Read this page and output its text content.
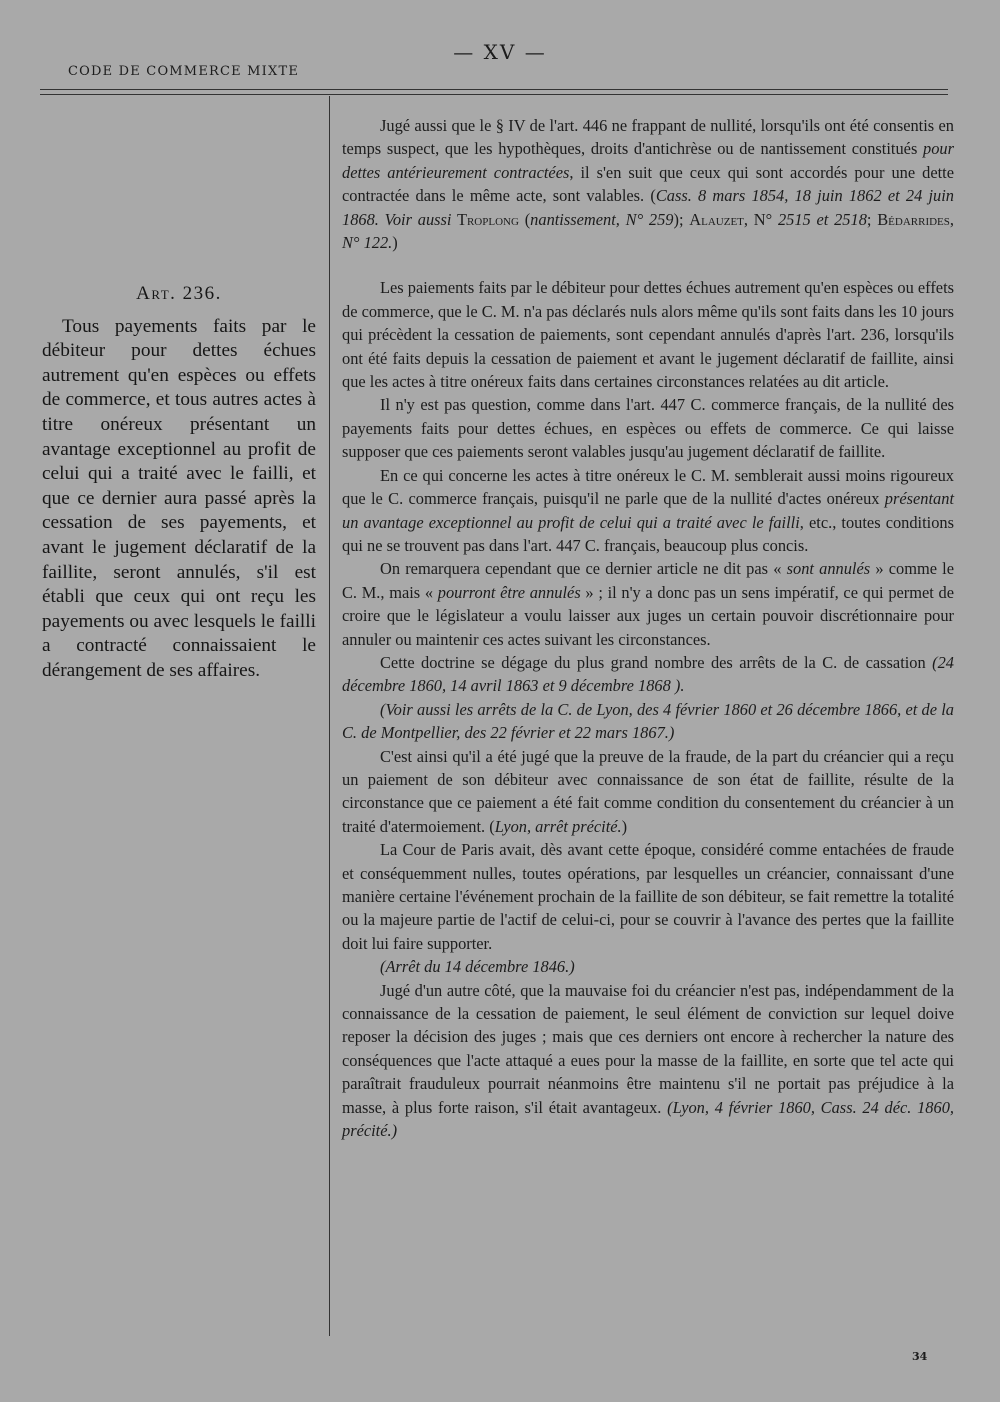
— XV —
CODE DE COMMERCE MIXTE
Art. 236.

Tous payements faits par le débiteur pour dettes échues autrement qu'en espèces ou effets de commerce, et tous autres actes à titre onéreux présentant un avantage exceptionnel au profit de celui qui a traité avec le failli, et que ce dernier aura passé après la cessation de ses payements, et avant le jugement déclaratif de la faillite, seront annulés, s'il est établi que ceux qui ont reçu les payements ou avec lesquels le failli a contracté connaissaient le dérangement de ses affaires.

Jugé aussi que le § IV de l'art. 446 ne frappant de nullité, lorsqu'ils ont été consentis en temps suspect, que les hypothèques, droits d'antichrèse ou de nantissement constitués pour dettes antérieurement contractées, il s'en suit que ceux qui sont accordés pour une dette contractée dans le même acte, sont valables. (Cass. 8 mars 1854, 18 juin 1862 et 24 juin 1868. Voir aussi Troplong (nantissement, N° 259); Alauzet, N° 2515 et 2518; Bédarrides, N° 122.)

Les paiements faits par le débiteur pour dettes échues autrement qu'en espèces ou effets de commerce, que le C. M. n'a pas déclarés nuls alors même qu'ils sont faits dans les 10 jours qui précèdent la cessation de paiements, sont cependant annulés d'après l'art. 236, lorsqu'ils ont été faits depuis la cessation de paiement et avant le jugement déclaratif de faillite, ainsi que les actes à titre onéreux faits dans certaines circonstances relatées au dit article.

Il n'y est pas question, comme dans l'art. 447 C. commerce français, de la nullité des payements faits pour dettes échues, en espèces ou effets de commerce. Ce qui laisse supposer que ces paiements seront valables jusqu'au jugement déclaratif de faillite.

En ce qui concerne les actes à titre onéreux le C. M. semblerait aussi moins rigoureux que le C. commerce français, puisqu'il ne parle que de la nullité d'actes onéreux présentant un avantage exceptionnel au profit de celui qui a traité avec le failli, etc., toutes conditions qui ne se trouvent pas dans l'art. 447 C. français, beaucoup plus concis.

On remarquera cependant que ce dernier article ne dit pas « sont annulés » comme le C. M., mais « pourront être annulés » ; il n'y a donc pas un sens impératif, ce qui permet de croire que le législateur a voulu laisser aux juges un certain pouvoir discrétionnaire pour annuler ou maintenir ces actes suivant les circonstances.

Cette doctrine se dégage du plus grand nombre des arrêts de la C. de cassation (24 décembre 1860, 14 avril 1863 et 9 décembre 1868 ).

(Voir aussi les arrêts de la C. de Lyon, des 4 février 1860 et 26 décembre 1866, et de la C. de Montpellier, des 22 février et 22 mars 1867.)

C'est ainsi qu'il a été jugé que la preuve de la fraude, de la part du créancier qui a reçu un paiement de son débiteur avec connaissance de son état de faillite, résulte de la circonstance que ce paiement a été fait comme condition du consentement du créancier à un traité d'atermoiement. (Lyon, arrêt précité.)

La Cour de Paris avait, dès avant cette époque, considéré comme entachées de fraude et conséquemment nulles, toutes opérations, par lesquelles un créancier, connaissant d'une manière certaine l'événement prochain de la faillite de son débiteur, se fait remettre la totalité ou la majeure partie de l'actif de celui-ci, pour se couvrir à l'avance des pertes que la faillite doit lui faire supporter.

(Arrêt du 14 décembre 1846.)

Jugé d'un autre côté, que la mauvaise foi du créancier n'est pas, indépendamment de la connaissance de la cessation de paiement, le seul élément de conviction sur lequel doive reposer la décision des juges ; mais que ces derniers ont encore à rechercher la nature des conséquences que l'acte attaqué a eues pour la masse de la faillite, en sorte que tel acte qui paraîtrait frauduleux pourrait néanmoins être maintenu s'il ne portait pas préjudice à la masse, à plus forte raison, s'il était avantageux. (Lyon, 4 février 1860, Cass. 24 déc. 1860, précité.)

34
